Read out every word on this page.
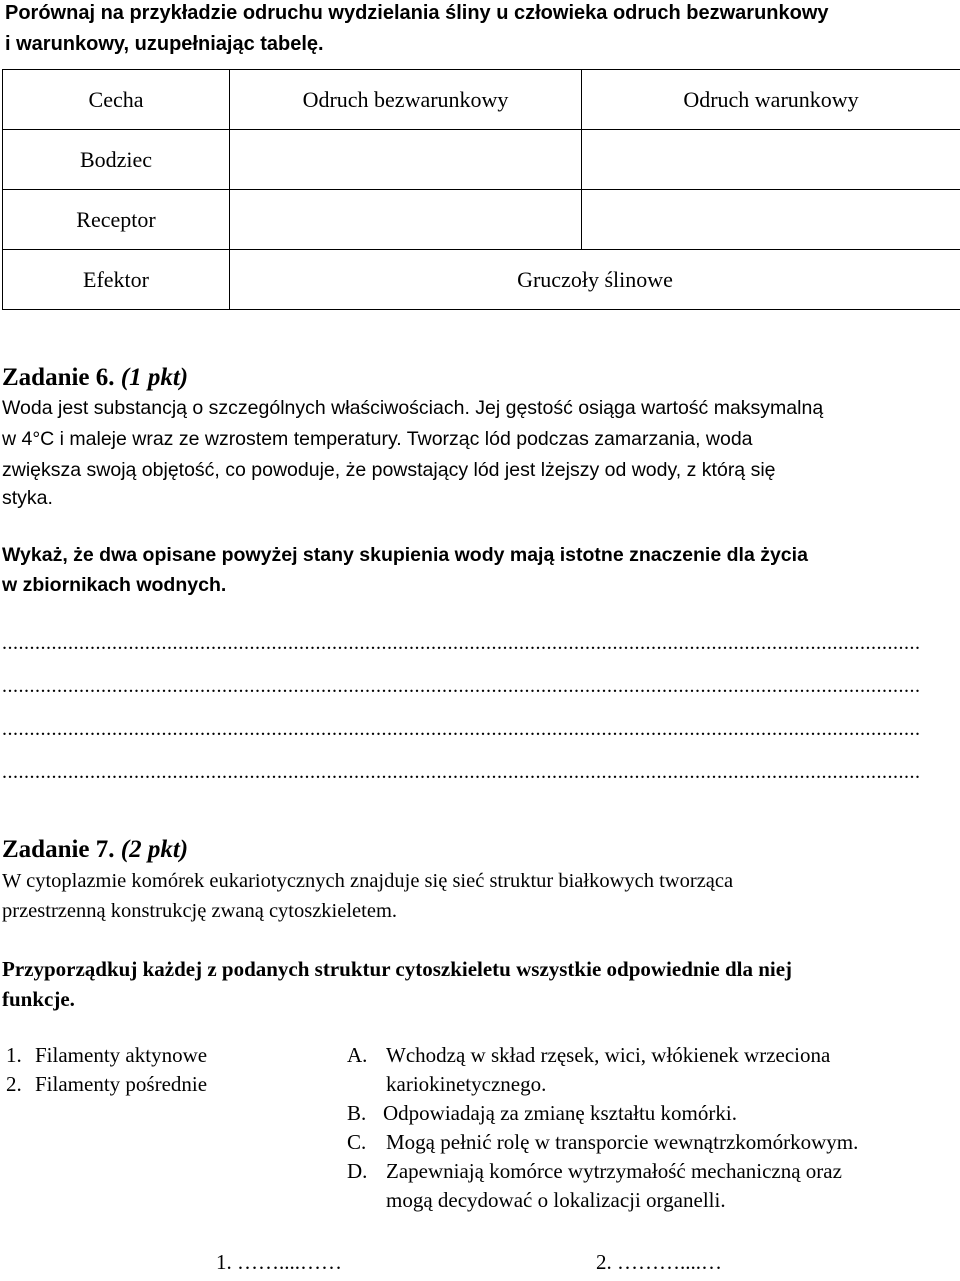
Porównaj na przykładzie odruchu wydzielania śliny u człowieka odruch bezwarunkowy
i warunkowy, uzupełniając tabelę.
Cecha	Odruch bezwarunkowy	Odruch warunkowy
Bodziec		
Receptor		
Efektor	Gruczoły ślinowe	
Zadanie 6. (1 pkt)
Woda jest substancją o szczególnych właściwościach. Jej gęstość osiąga wartość maksymalną
w 4°C i maleje wraz ze wzrostem temperatury. Tworząc lód podczas zamarzania, woda
zwiększa swoją objętość, co powoduje, że powstający lód jest lżejszy od wody, z którą się
styka.
Wykaż, że dwa opisane powyżej stany skupienia wody mają istotne znaczenie dla życia
w zbiornikach wodnych.
.......................................................................................................................................................................
.......................................................................................................................................................................
.......................................................................................................................................................................
.......................................................................................................................................................................
Zadanie 7. (2 pkt)
W cytoplazmie komórek eukariotycznych znajduje się sieć struktur białkowych tworząca
przestrzenną konstrukcję zwaną cytoszkieletem.
Przyporządkuj każdej z podanych struktur cytoszkieletu wszystkie odpowiednie dla niej
funkcje.
1. Filamenty aktynowe
2. Filamenty pośrednie
A. Wchodzą w skład rzęsek, wici, włókienek wrzeciona
kariokinetycznego.
B. Odpowiadają za zmianę kształtu komórki.
C. Mogą pełnić rolę w transporcie wewnątrzkomórkowym.
D. Zapewniają komórce wytrzymałość mechaniczną oraz
mogą decydować o lokalizacji organelli.
1. ……....……	2. ………....…
